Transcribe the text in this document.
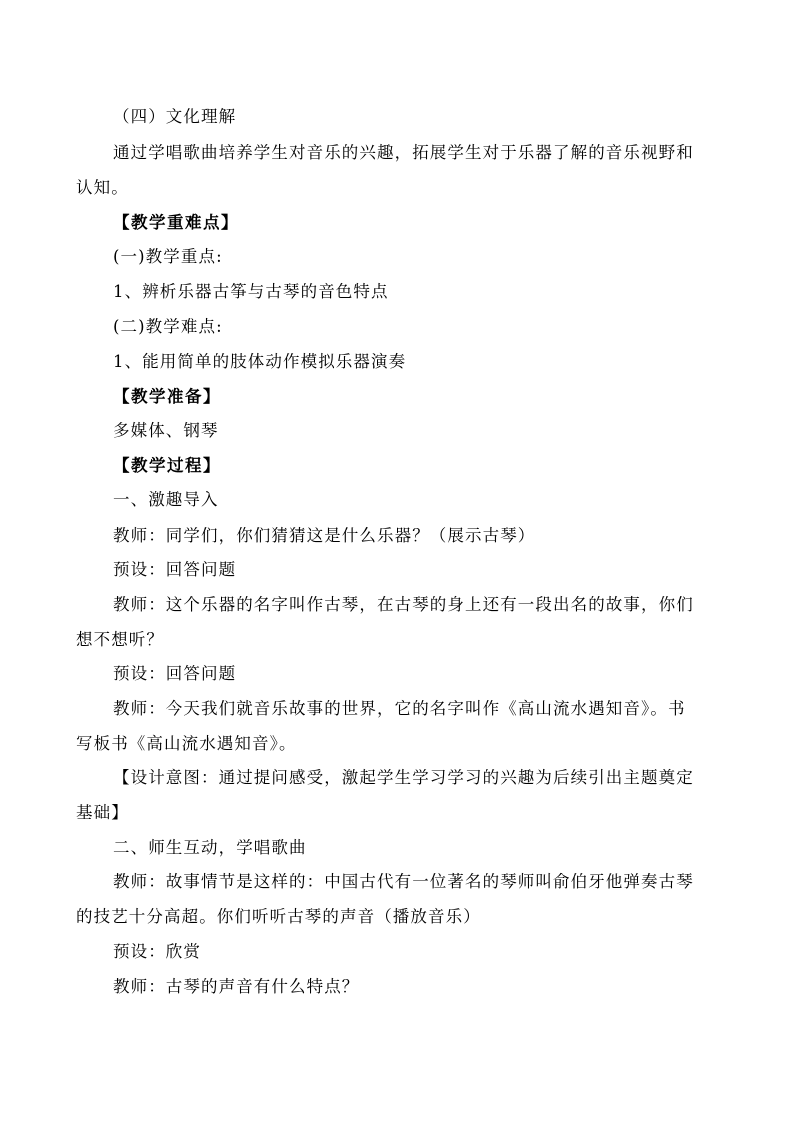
（四）文化理解
通过学唱歌曲培养学生对音乐的兴趣，拓展学生对于乐器了解的音乐视野和
认知。
【教学重难点】
(一)教学重点:
1、辨析乐器古筝与古琴的音色特点
(二)教学难点:
1、能用简单的肢体动作模拟乐器演奏
【教学准备】
多媒体、钢琴
【教学过程】
一、激趣导入
教师：同学们，你们猜猜这是什么乐器？（展示古琴）
预设：回答问题
教师：这个乐器的名字叫作古琴，在古琴的身上还有一段出名的故事，你们
想不想听？
预设：回答问题
教师：今天我们就音乐故事的世界，它的名字叫作《高山流水遇知音》。书
写板书《高山流水遇知音》。
【设计意图：通过提问感受，激起学生学习学习的兴趣为后续引出主题奠定
基础】
二、师生互动，学唱歌曲
教师：故事情节是这样的：中国古代有一位著名的琴师叫俞伯牙他弹奏古琴
的技艺十分高超。你们听听古琴的声音（播放音乐）
预设：欣赏
教师：古琴的声音有什么特点？
